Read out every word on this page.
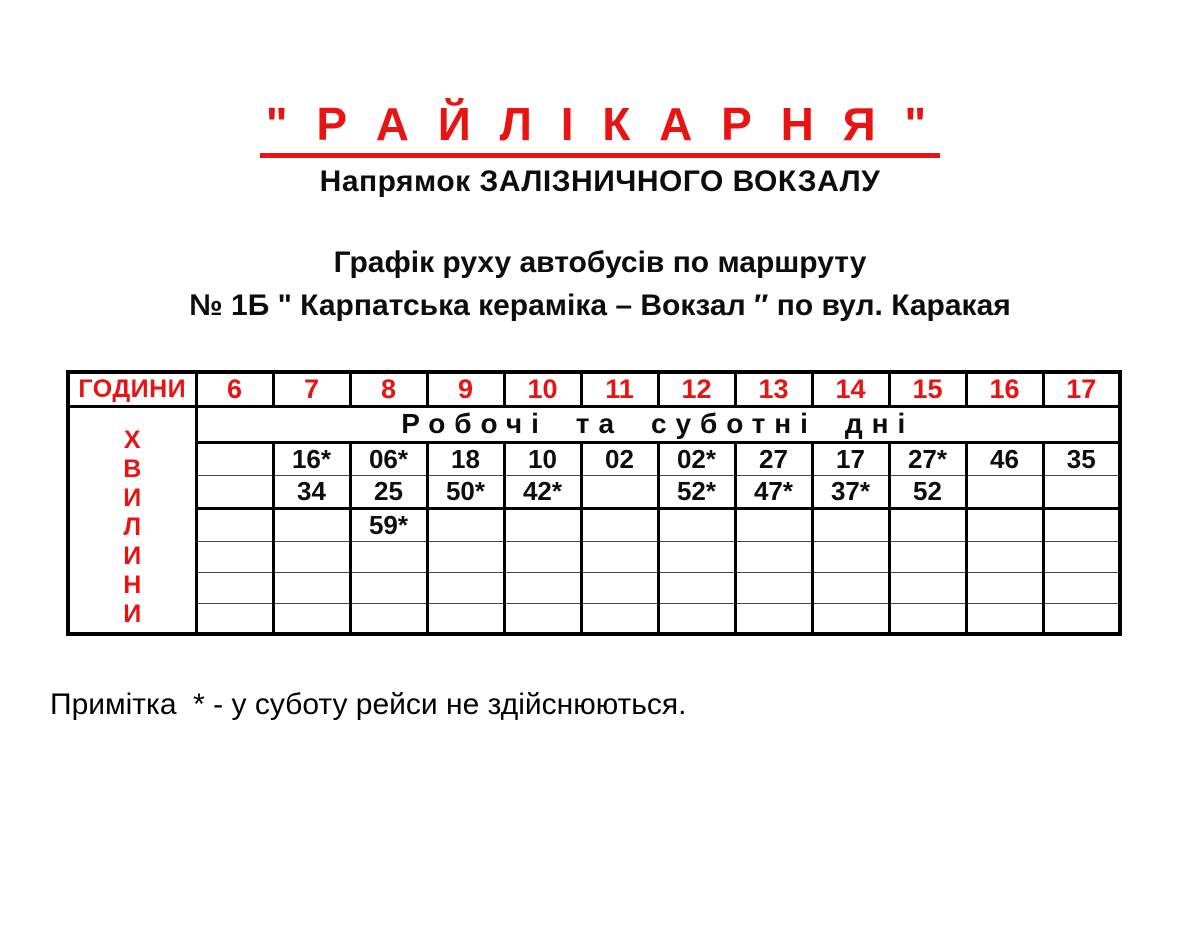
" Р А Й Л І К А Р Н Я "
Напрямок ЗАЛІЗНИЧНОГО ВОКЗАЛУ
Графік руху автобусів по маршруту
№ 1Б " Карпатська кераміка – Вокзал ″ по вул. Каракая
ГОДИНИ	6	7	8	9	10	11	12	13	14	15	16	17

Х
В
И
Л
И
Н
И
	Робочі та суботні дні
		16*	06*	18	10	02	02*	27	17	27*	46	35
		34	25	50*	42*		52*	47*	37*	52		
			59*									

Примітка  * - у суботу рейси не здійснюються.
